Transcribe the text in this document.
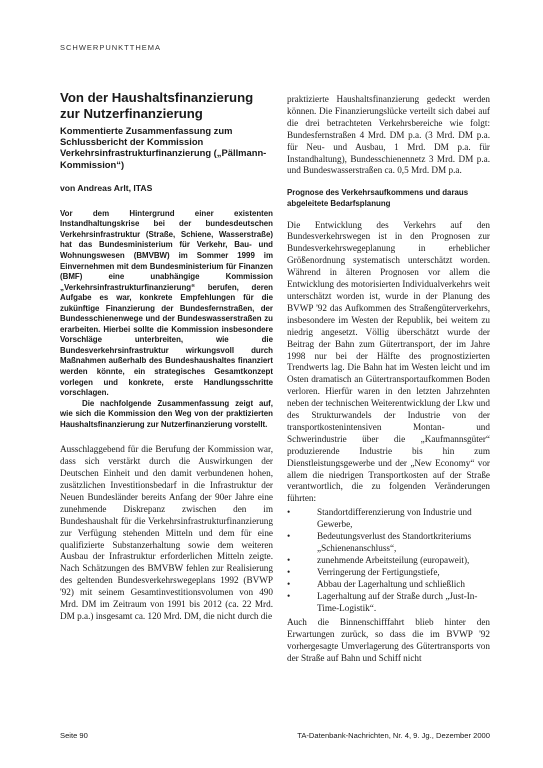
SCHWERPUNKTTHEMA
Von der Haushaltsfinanzierung zur Nutzerfinanzierung
Kommentierte Zusammenfassung zum Schlussbericht der Kommission Verkehrsinfrastrukturfinanzierung („Pällmann-Kommission“)
von Andreas Arlt, ITAS

Vor dem Hintergrund einer existenten Instandhaltungskrise bei der bundesdeutschen Verkehrsinfrastruktur (Straße, Schiene, Wasserstraße) hat das Bundesministerium für Verkehr, Bau- und Wohnungswesen (BMVBW) im Sommer 1999 im Einvernehmen mit dem Bundesministerium für Finanzen (BMF) eine unabhängige Kommission „Verkehrsinfrastrukturfinanzierung“ berufen, deren Aufgabe es war, konkrete Empfehlungen für die zukünftige Finanzierung der Bundesfernstraßen, der Bundesschienenwege und der Bundeswasserstraßen zu erarbeiten. Hierbei sollte die Kommission insbesondere Vorschläge unterbreiten, wie die Bundesverkehrsinfrastruktur wirkungsvoll durch Maßnahmen außerhalb des Bundeshaushaltes finanziert werden könnte, ein strategisches Gesamtkonzept vorlegen und konkrete, erste Handlungsschritte vorschlagen.

Die nachfolgende Zusammenfassung zeigt auf, wie sich die Kommission den Weg von der praktizierten Haushaltsfinanzierung zur Nutzerfinanzierung vorstellt.

Ausschlaggebend für die Berufung der Kommission war, dass sich verstärkt durch die Auswirkungen der Deutschen Einheit und den damit verbundenen hohen, zusätzlichen Investitionsbedarf in die Infrastruktur der Neuen Bundesländer bereits Anfang der 90er Jahre eine zunehmende Diskrepanz zwischen den im Bundeshaushalt für die Verkehrsinfrastrukturfinanzierung zur Verfügung stehenden Mitteln und dem für eine qualifizierte Substanzerhaltung sowie dem weiteren Ausbau der Infrastruktur erforderlichen Mitteln zeigte. Nach Schätzungen des BMVBW fehlen zur Realisierung des geltenden Bundesverkehrswegeplans 1992 (BVWP '92) mit seinem Gesamtinvestitionsvolumen von 490 Mrd. DM im Zeitraum von 1991 bis 2012 (ca. 22 Mrd. DM p.a.) insgesamt ca. 120 Mrd. DM, die nicht durch die

praktizierte Haushaltsfinanzierung gedeckt werden können. Die Finanzierungslücke verteilt sich dabei auf die drei betrachteten Verkehrsbereiche wie folgt: Bundesfernstraßen 4 Mrd. DM p.a. (3 Mrd. DM p.a. für Neu- und Ausbau, 1 Mrd. DM p.a. für Instandhaltung), Bundesschienennetz 3 Mrd. DM p.a. und Bundeswasserstraßen ca. 0,5 Mrd. DM p.a.

Prognose des Verkehrsaufkommens und daraus abgeleitete Bedarfsplanung

Die Entwicklung des Verkehrs auf den Bundesverkehrswegen ist in den Prognosen zur Bundesverkehrswegeplanung in erheblicher Größenordnung systematisch unterschätzt worden. Während in älteren Prognosen vor allem die Entwicklung des motorisierten Individualverkehrs weit unterschätzt worden ist, wurde in der Planung des BVWP '92 das Aufkommen des Straßengüterverkehrs, insbesondere im Westen der Republik, bei weitem zu niedrig angesetzt. Völlig überschätzt wurde der Beitrag der Bahn zum Gütertransport, der im Jahre 1998 nur bei der Hälfte des prognostizierten Trendwerts lag. Die Bahn hat im Westen leicht und im Osten dramatisch an Gütertransportaufkommen Boden verloren. Hierfür waren in den letzten Jahrzehnten neben der technischen Weiterentwicklung der Lkw und des Strukturwandels der Industrie von der transportkostenintensiven Montan- und Schwerindustrie über die „Kaufmannsgüter“ produzierende Industrie bis hin zum Dienstleistungsgewerbe und der „New Economy“ vor allem die niedrigen Transportkosten auf der Straße verantwortlich, die zu folgenden Veränderungen führten:

•	Standortdifferenzierung von Industrie und Gewerbe,
•	Bedeutungsverlust des Standortkriteriums „Schienenanschluss“,
•	zunehmende Arbeitsteilung (europaweit),
•	Verringerung der Fertigungstiefe,
•	Abbau der Lagerhaltung und schließlich
•	Lagerhaltung auf der Straße durch „Just-In-Time-Logistik“.

Auch die Binnenschifffahrt blieb hinter den Erwartungen zurück, so dass die im BVWP '92 vorhergesagte Umverlagerung des Gütertransports von der Straße auf Bahn und Schiff nicht

Seite 90	TA-Datenbank-Nachrichten, Nr. 4, 9. Jg., Dezember 2000
